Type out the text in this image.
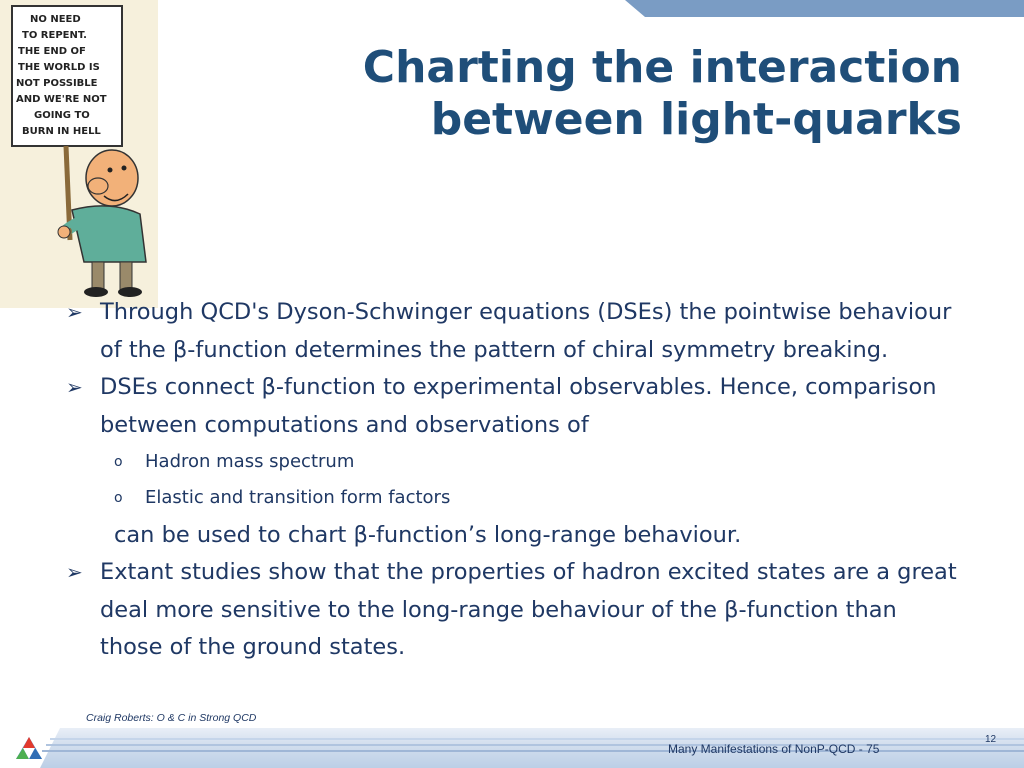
NO NEED
TO REPENT.
THE END OF
THE WORLD IS
NOT POSSIBLE
AND WE'RE NOT
GOING TO
BURN IN HELL
Charting the interaction
between light-quarks
➢ Through QCD's Dyson-Schwinger equations (DSEs) the pointwise behaviour of the β-function determines the pattern of chiral symmetry breaking.
➢ DSEs connect β-function to experimental observables. Hence, comparison between computations and observations of
o Hadron mass spectrum
o Elastic and transition form factors
can be used to chart β-function’s long-range behaviour.
➢ Extant studies show that the properties of hadron excited states are a great deal more sensitive to the long-range behaviour of the β-function than those of the ground states.
Craig Roberts: O & C in Strong QCD
Many Manifestations of NonP-QCD - 75
12
